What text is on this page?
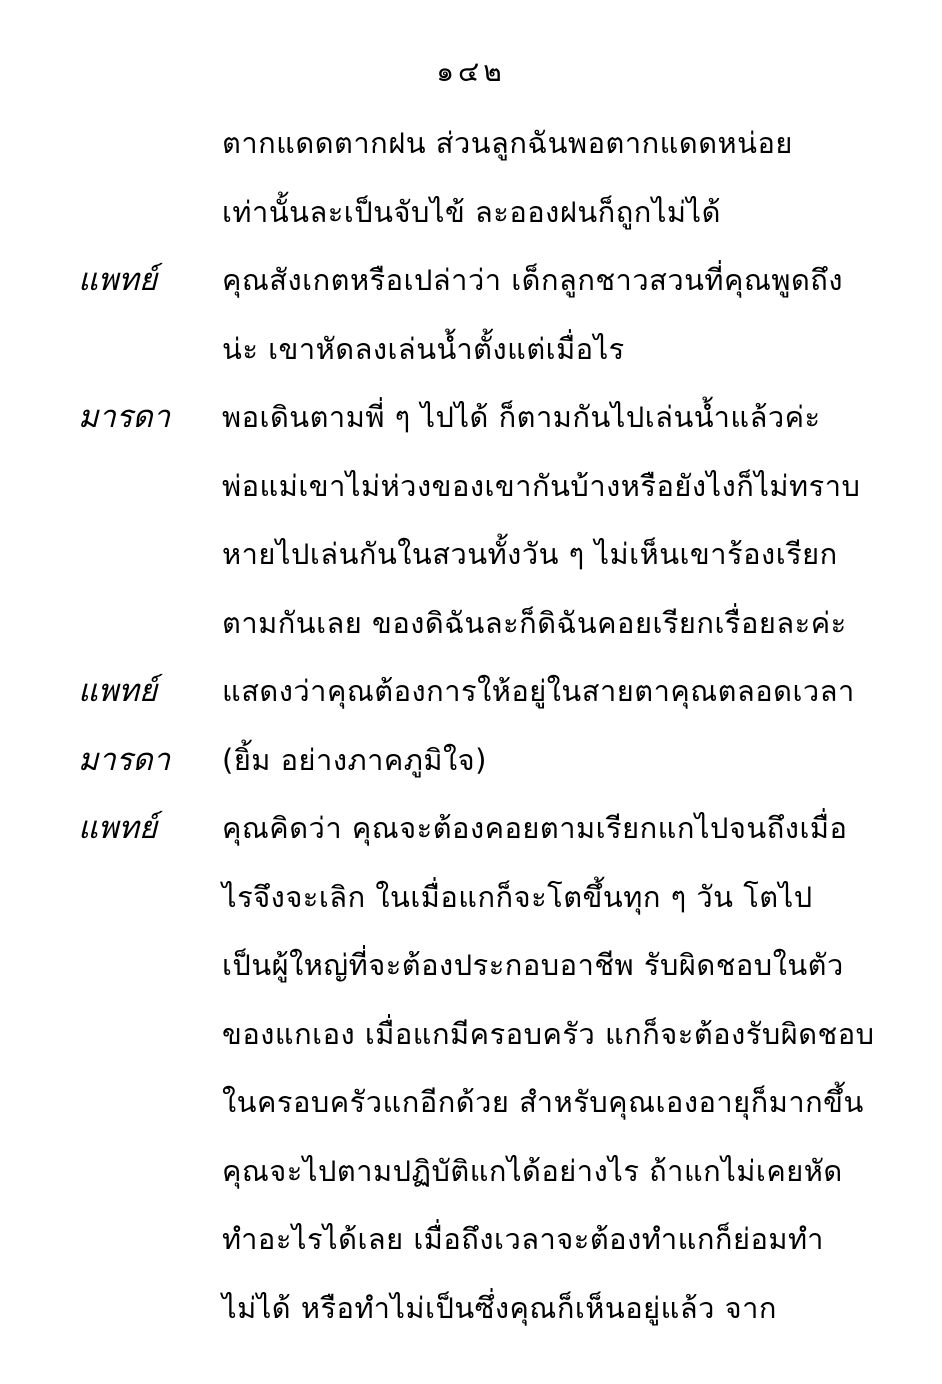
๑๔๒
ตากแดดตากฝน ส่วนลูกฉันพอตากแดดหน่อย
เท่านั้นละเป็นจับไข้ ละอองฝนก็ถูกไม่ได้
แพทย์ คุณสังเกตหรือเปล่าว่า เด็กลูกชาวสวนที่คุณพูดถึง
น่ะ เขาหัดลงเล่นน้ำตั้งแต่เมื่อไร
มารดา พอเดินตามพี่ ๆ ไปได้ ก็ตามกันไปเล่นน้ำแล้วค่ะ
พ่อแม่เขาไม่ห่วงของเขากันบ้างหรือยังไงก็ไม่ทราบ
หายไปเล่นกันในสวนทั้งวัน ๆ ไม่เห็นเขาร้องเรียก
ตามกันเลย ของดิฉันละก็ดิฉันคอยเรียกเรื่อยละค่ะ
แพทย์ แสดงว่าคุณต้องการให้อยู่ในสายตาคุณตลอดเวลา
มารดา (ยิ้ม อย่างภาคภูมิใจ)
แพทย์ คุณคิดว่า คุณจะต้องคอยตามเรียกแกไปจนถึงเมื่อ
ไรจึงจะเลิก ในเมื่อแกก็จะโตขึ้นทุก ๆ วัน โตไป
เป็นผู้ใหญ่ที่จะต้องประกอบอาชีพ รับผิดชอบในตัว
ของแกเอง เมื่อแกมีครอบครัว แกก็จะต้องรับผิดชอบ
ในครอบครัวแกอีกด้วย สำหรับคุณเองอายุก็มากขึ้น
คุณจะไปตามปฏิบัติแกได้อย่างไร ถ้าแกไม่เคยหัด
ทำอะไรได้เลย เมื่อถึงเวลาจะต้องทำแกก็ย่อมทำ
ไม่ได้ หรือทำไม่เป็นซึ่งคุณก็เห็นอยู่แล้ว จาก
